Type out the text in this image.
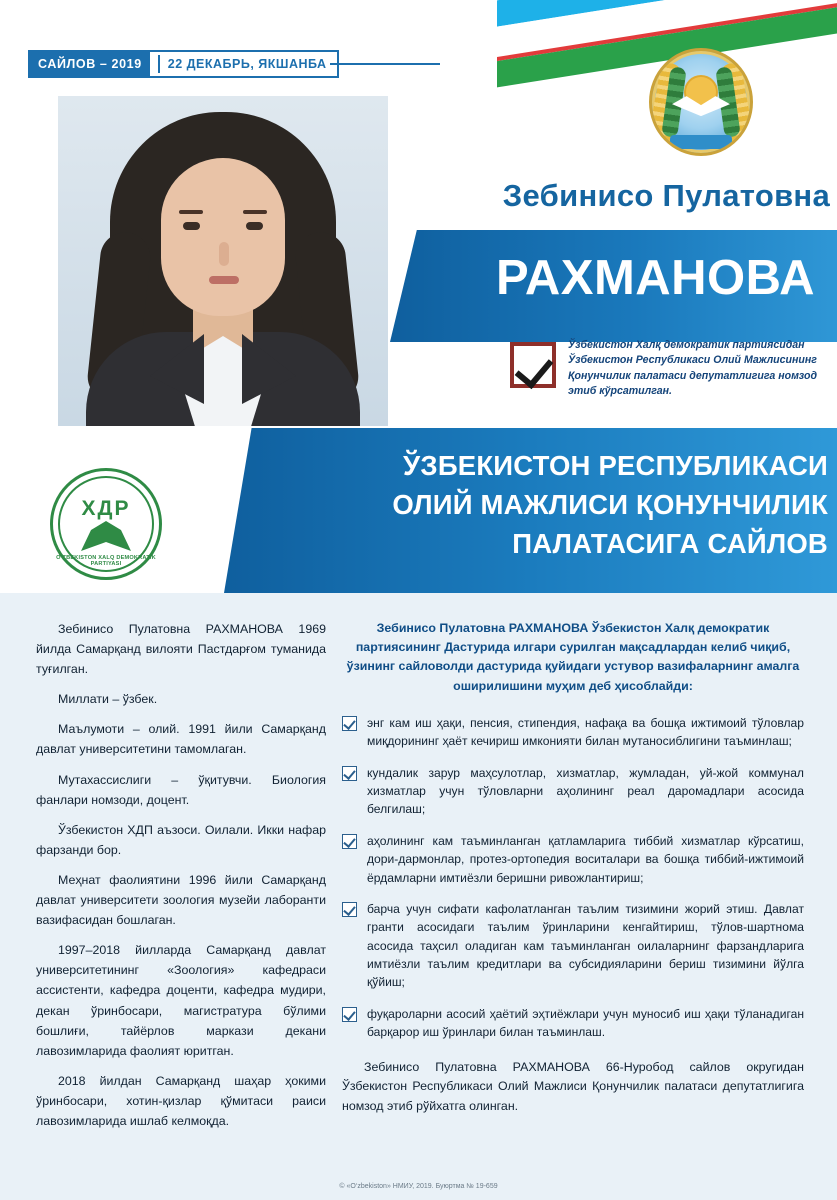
САЙЛОВ – 2019	22 ДЕКАБРЬ, ЯКШАНБА
Зебинисо Пулатовна
РАХМАНОВА
Ўзбекистон Халқ демократик партиясидан Ўзбекистон Республикаси Олий Мажлисининг Қонунчилик палатаси депутатлигига номзод этиб кўрсатилган.
ЎЗБЕКИСТОН РЕСПУБЛИКАСИ
ОЛИЙ МАЖЛИСИ ҚОНУНЧИЛИК
ПАЛАТАСИГА САЙЛОВ
ХДP
O‘ZBEKISTON XALQ DEMOKRATIK PARTIYASI

Зебинисо Пулатовна РАХМАНОВА 1969 йилда Самарқанд вилояти Пастдарғом туманида туғилган.

Миллати – ўзбек.

Маълумоти – олий. 1991 йили Самарқанд давлат университетини тамомлаган.

Мутахассислиги – ўқитувчи. Биология фанлари номзоди, доцент.

Ўзбекистон ХДП аъзоси. Оилали. Икки нафар фарзанди бор.

Меҳнат фаолиятини 1996 йили Самарқанд давлат университети зоология музейи лаборанти вазифасидан бошлаган.

1997–2018 йилларда Самарқанд давлат университетининг «Зоология» кафедраси ассистенти, кафедра доценти, кафедра мудири, декан ўринбосари, магистратура бўлими бошлиғи, тайёрлов маркази декани лавозимларида фаолият юритган.

2018 йилдан Самарқанд шаҳар ҳокими ўринбосари, хотин-қизлар қўмитаси раиси лавозимларида ишлаб келмоқда.

Зебинисо Пулатовна РАХМАНОВА Ўзбекистон Халқ демократик партиясининг Дастурида илгари сурилган мақсадлардан келиб чиқиб, ўзининг сайловолди дастурида қуйидаги устувор вазифаларнинг амалга оширилишини муҳим деб ҳисоблайди:

энг кам иш ҳақи, пенсия, стипендия, нафақа ва бошқа ижтимоий тўловлар миқдорининг ҳаёт кечириш имконияти билан мутаносиблигини таъминлаш;
кундалик зарур маҳсулотлар, хизматлар, жумладан, уй-жой коммунал хизматлар учун тўловларни аҳолининг реал даромадлари асосида белгилаш;
аҳолининг кам таъминланган қатламларига тиббий хизматлар кўрсатиш, дори-дармонлар, протез-ортопедия воситалари ва бошқа тиббий-ижтимоий ёрдамларни имтиёзли беришни ривожлантириш;
барча учун сифати кафолатланган таълим тизимини жорий этиш. Давлат гранти асосидаги таълим ўринларини кенгайтириш, тўлов-шартнома асосида таҳсил оладиган кам таъминланган оилаларнинг фарзандларига имтиёзли таълим кредитлари ва субсидияларини бериш тизимини йўлга қўйиш;
фуқароларни асосий ҳаётий эҳтиёжлари учун муносиб иш ҳақи тўланадиган барқарор иш ўринлари билан таъминлаш.

Зебинисо Пулатовна РАХМАНОВА 66-Нуробод сайлов округидан Ўзбекистон Республикаси Олий Мажлиси Қонунчилик палатаси депутатлигига номзод этиб рўйхатга олинган.

© «O‘zbekiston» НМИУ, 2019. Буюртма № 19-659
